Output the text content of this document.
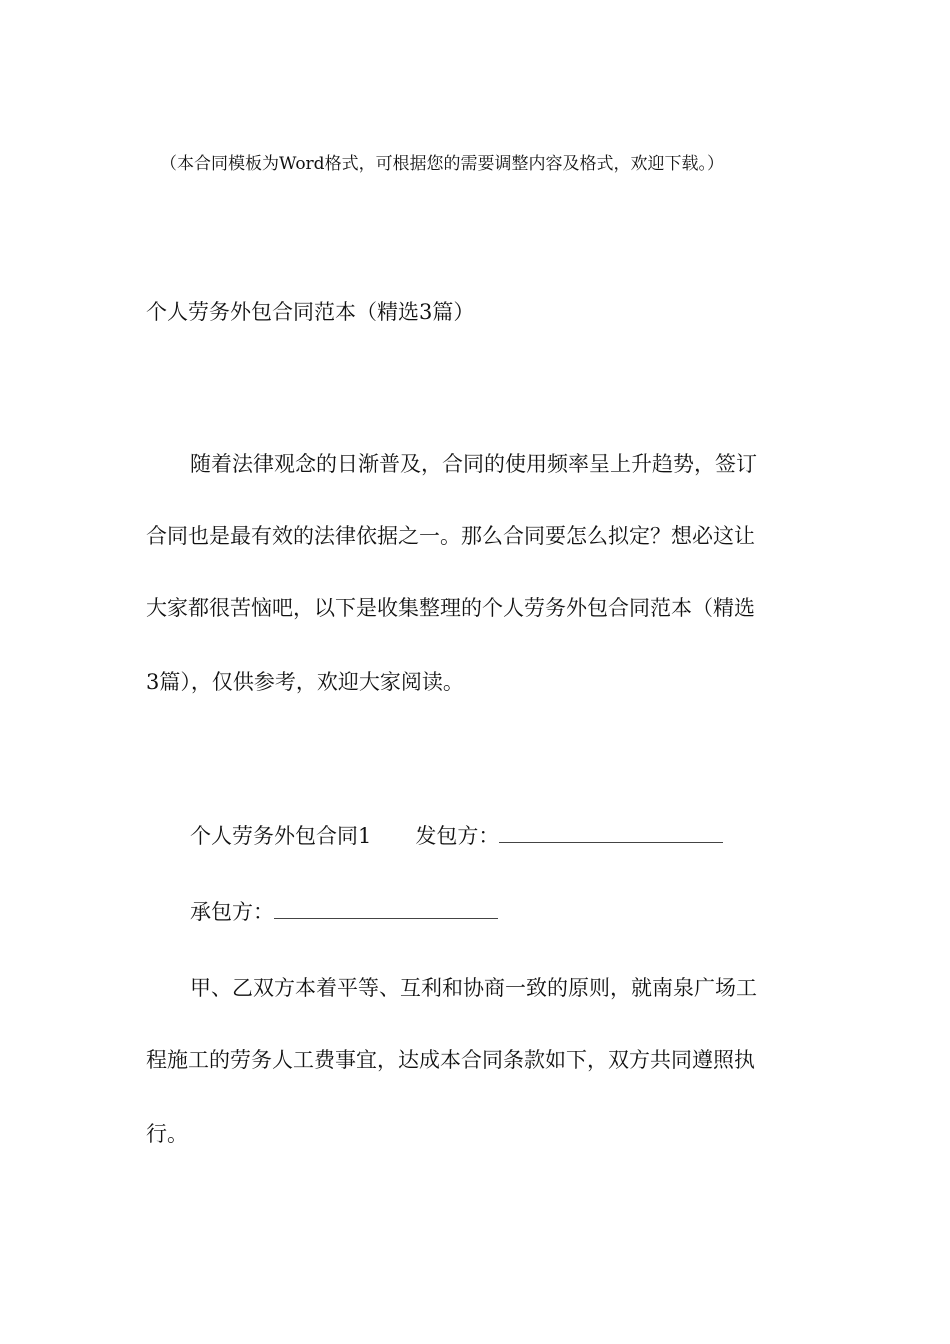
（本合同模板为Word格式，可根据您的需要调整内容及格式，欢迎下载。）
个人劳务外包合同范本（精选3篇）
随着法律观念的日渐普及，合同的使用频率呈上升趋势，签订
合同也是最有效的法律依据之一。那么合同要怎么拟定？想必这让
大家都很苦恼吧，以下是收集整理的个人劳务外包合同范本（精选
3篇），仅供参考，欢迎大家阅读。
个人劳务外包合同1 发包方：
承包方：
甲、乙双方本着平等、互利和协商一致的原则，就南泉广场工
程施工的劳务人工费事宜，达成本合同条款如下，双方共同遵照执
行。
